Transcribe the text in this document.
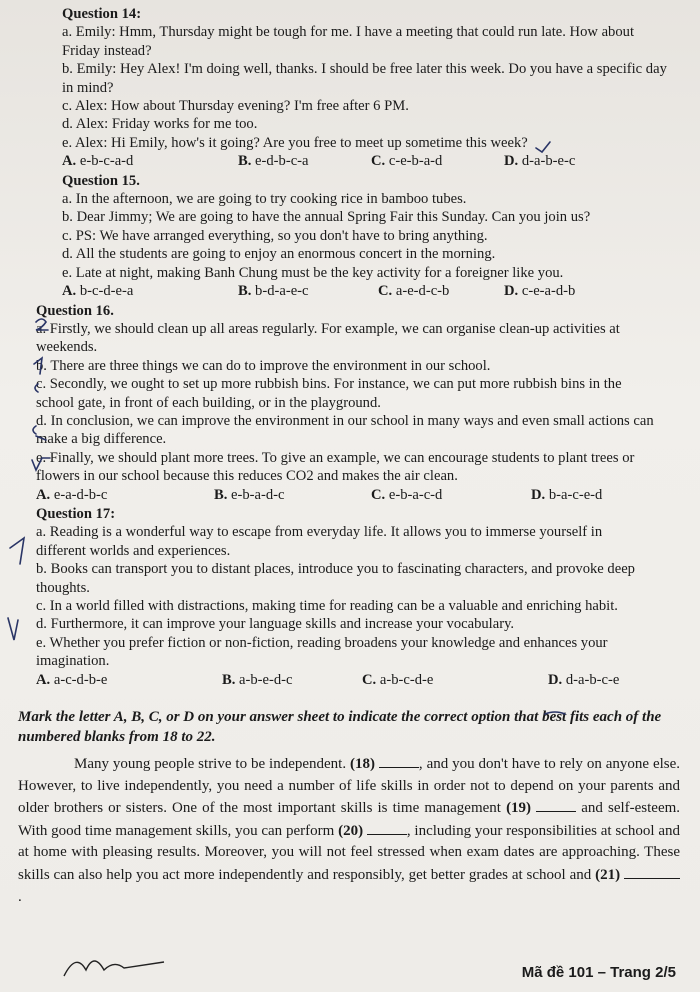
Question 14:

a. Emily: Hmm, Thursday might be tough for me. I have a meeting that could run late. How about

Friday instead?

b. Emily: Hey Alex! I'm doing well, thanks. I should be free later this week. Do you have a specific day

in mind?

c. Alex: How about Thursday evening? I'm free after 6 PM.

d. Alex: Friday works for me too.

e. Alex: Hi Emily, how's it going? Are you free to meet up sometime this week?

A. e-b-c-a-d	B. e-d-b-c-a	C. c-e-b-a-d	D. d-a-b-e-c
Question 15.

a. In the afternoon, we are going to try cooking rice in bamboo tubes.

b. Dear Jimmy; We are going to have the annual Spring Fair this Sunday. Can you join us?

c. PS: We have arranged everything, so you don't have to bring anything.

d. All the students are going to enjoy an enormous concert in the morning.

e. Late at night, making Banh Chung must be the key activity for a foreigner like you.

A. b-c-d-e-a	B. b-d-a-e-c	C. a-e-d-c-b	D. c-e-a-d-b
Question 16.

a. Firstly, we should clean up all areas regularly. For example, we can organise clean-up activities at

weekends.

b. There are three things we can do to improve the environment in our school.

c. Secondly, we ought to set up more rubbish bins. For instance, we can put more rubbish bins in the

school gate, in front of each building, or in the playground.

d. In conclusion, we can improve the environment in our school in many ways and even small actions can

make a big difference.

e. Finally, we should plant more trees. To give an example, we can encourage students to plant trees or

flowers in our school because this reduces CO2 and makes the air clean.

A. e-a-d-b-c	B. e-b-a-d-c	C. e-b-a-c-d	D. b-a-c-e-d
Question 17:

a. Reading is a wonderful way to escape from everyday life. It allows you to immerse yourself in

different worlds and experiences.

b. Books can transport you to distant places, introduce you to fascinating characters, and provoke deep

thoughts.

c. In a world filled with distractions, making time for reading can be a valuable and enriching habit.

d. Furthermore, it can improve your language skills and increase your vocabulary.

e. Whether you prefer fiction or non-fiction, reading broadens your knowledge and enhances your

imagination.

A. a-c-d-b-e	B. a-b-e-d-c	C. a-b-c-d-e	D. d-a-b-c-e
Mark the letter A, B, C, or D on your answer sheet to indicate the correct option that best fits each of the numbered blanks from 18 to 22.
Many young people strive to be independent. (18)	, and you don't have to rely on anyone else. However, to live independently, you need a number of life skills in order not to depend on your parents and older brothers or sisters. One of the most important skills is time management (19)	and self-esteem. With good time management skills, you can perform (20)	, including your responsibilities at school and at home with pleasing results. Moreover, you will not feel stressed when exam dates are approaching. These skills can also help you act more independently and responsibly, get better grades at school and (21) .
Mã đề 101 – Trang 2/5
